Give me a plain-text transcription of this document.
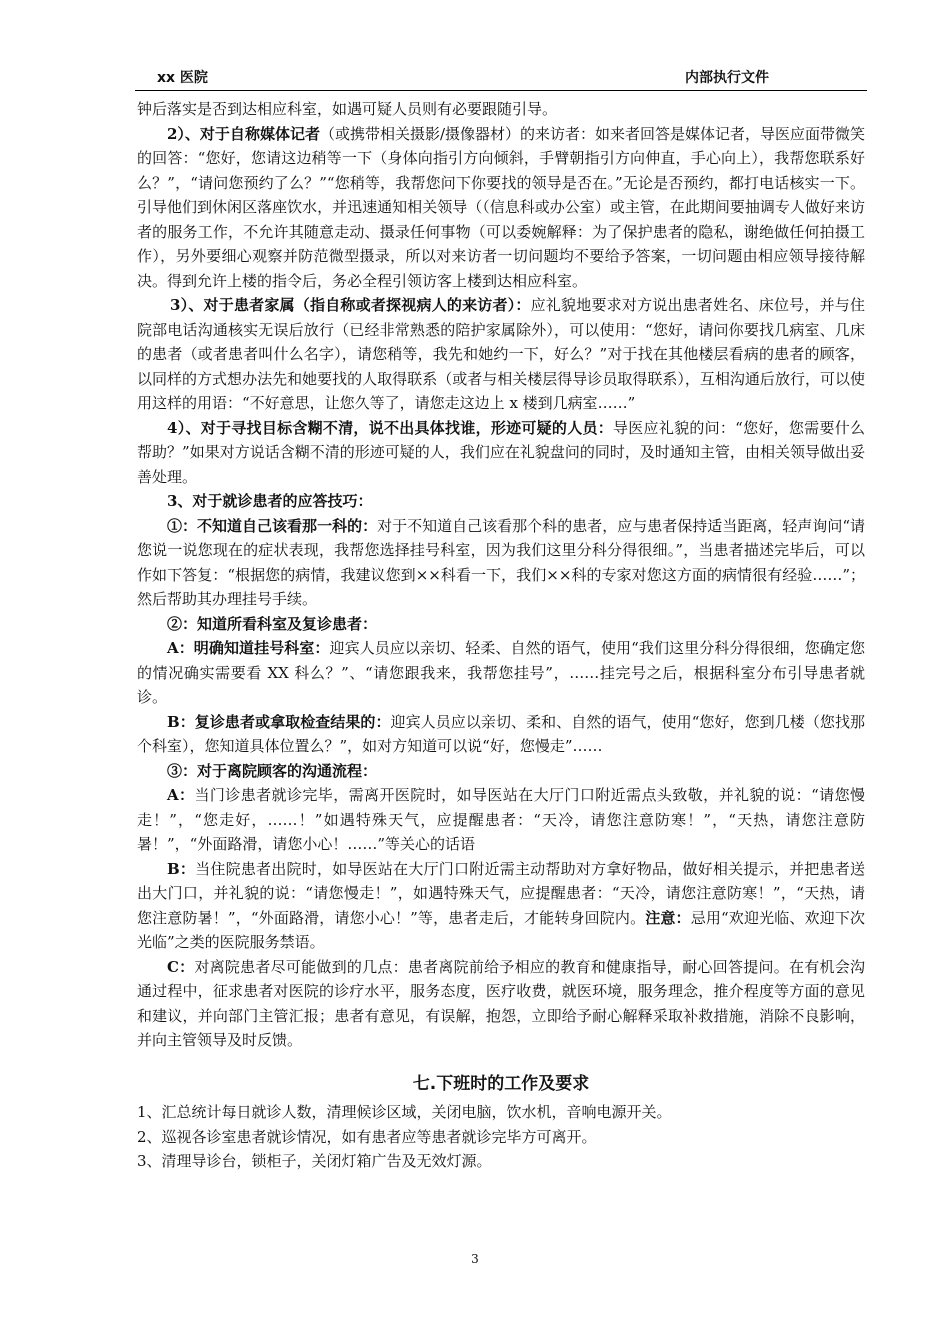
xx 医院	内部执行文件

钟后落实是否到达相应科室，如遇可疑人员则有必要跟随引导。

2）、对于自称媒体记者（或携带相关摄影/摄像器材）的来访者：如来者回答是媒体记者，导医应面带微笑的回答：“您好，您请这边稍等一下（身体向指引方向倾斜，手臂朝指引方向伸直，手心向上），我帮您联系好么？”，“请问您预约了么？”“您稍等，我帮您问下你要找的领导是否在。”无论是否预约，都打电话核实一下。引导他们到休闲区落座饮水，并迅速通知相关领导（（信息科或办公室）或主管，在此期间要抽调专人做好来访者的服务工作，不允许其随意走动、摄录任何事物（可以委婉解释：为了保护患者的隐私，谢绝做任何拍摄工作），另外要细心观察并防范微型摄录，所以对来访者一切问题均不要给予答案，一切问题由相应领导接待解决。得到允许上楼的指令后，务必全程引领访客上楼到达相应科室。

3）、对于患者家属（指自称或者探视病人的来访者）：应礼貌地要求对方说出患者姓名、床位号，并与住院部电话沟通核实无误后放行（已经非常熟悉的陪护家属除外），可以使用：“您好，请问你要找几病室、几床的患者（或者患者叫什么名字），请您稍等，我先和她约一下，好么？”对于找在其他楼层看病的患者的顾客，以同样的方式想办法先和她要找的人取得联系（或者与相关楼层得导诊员取得联系），互相沟通后放行，可以使用这样的用语：“不好意思，让您久等了，请您走这边上 x 楼到几病室……”

4）、对于寻找目标含糊不清，说不出具体找谁，形迹可疑的人员：导医应礼貌的问：“您好，您需要什么帮助？”如果对方说话含糊不清的形迹可疑的人，我们应在礼貌盘问的同时，及时通知主管，由相关领导做出妥善处理。

3、对于就诊患者的应答技巧：

①：不知道自己该看那一科的：对于不知道自己该看那个科的患者，应与患者保持适当距离，轻声询问“请您说一说您现在的症状表现，我帮您选择挂号科室，因为我们这里分科分得很细。”，当患者描述完毕后，可以作如下答复：“根据您的病情，我建议您到××科看一下，我们××科的专家对您这方面的病情很有经验……”；然后帮助其办理挂号手续。

②：知道所看科室及复诊患者：

A：明确知道挂号科室：迎宾人员应以亲切、轻柔、自然的语气，使用“我们这里分科分得很细，您确定您的情况确实需要看 XX 科么？”、“请您跟我来，我帮您挂号”，……挂完号之后，根据科室分布引导患者就诊。

B：复诊患者或拿取检查结果的：迎宾人员应以亲切、柔和、自然的语气，使用“您好，您到几楼（您找那个科室），您知道具体位置么？”，如对方知道可以说“好，您慢走”……

③：对于离院顾客的沟通流程：

A：当门诊患者就诊完毕，需离开医院时，如导医站在大厅门口附近需点头致敬，并礼貌的说：“请您慢走！”，“您走好，……！”如遇特殊天气，应提醒患者：“天冷，请您注意防寒！”，“天热，请您注意防暑！”，“外面路滑，请您小心！……”等关心的话语

B：当住院患者出院时，如导医站在大厅门口附近需主动帮助对方拿好物品，做好相关提示，并把患者送出大门口，并礼貌的说：“请您慢走！”，如遇特殊天气，应提醒患者：“天冷，请您注意防寒！”，“天热，请您注意防暑！”，“外面路滑，请您小心！”等，患者走后，才能转身回院内。注意：忌用“欢迎光临、欢迎下次光临”之类的医院服务禁语。

C：对离院患者尽可能做到的几点：患者离院前给予相应的教育和健康指导，耐心回答提问。在有机会沟通过程中，征求患者对医院的诊疗水平，服务态度，医疗收费，就医环境，服务理念，推介程度等方面的意见和建议，并向部门主管汇报；患者有意见，有误解，抱怨，立即给予耐心解释采取补救措施，消除不良影响，并向主管领导及时反馈。

七.下班时的工作及要求

1、汇总统计每日就诊人数，清理候诊区域，关闭电脑，饮水机，音响电源开关。

2、巡视各诊室患者就诊情况，如有患者应等患者就诊完毕方可离开。

3、清理导诊台，锁柜子，关闭灯箱广告及无效灯源。

3
